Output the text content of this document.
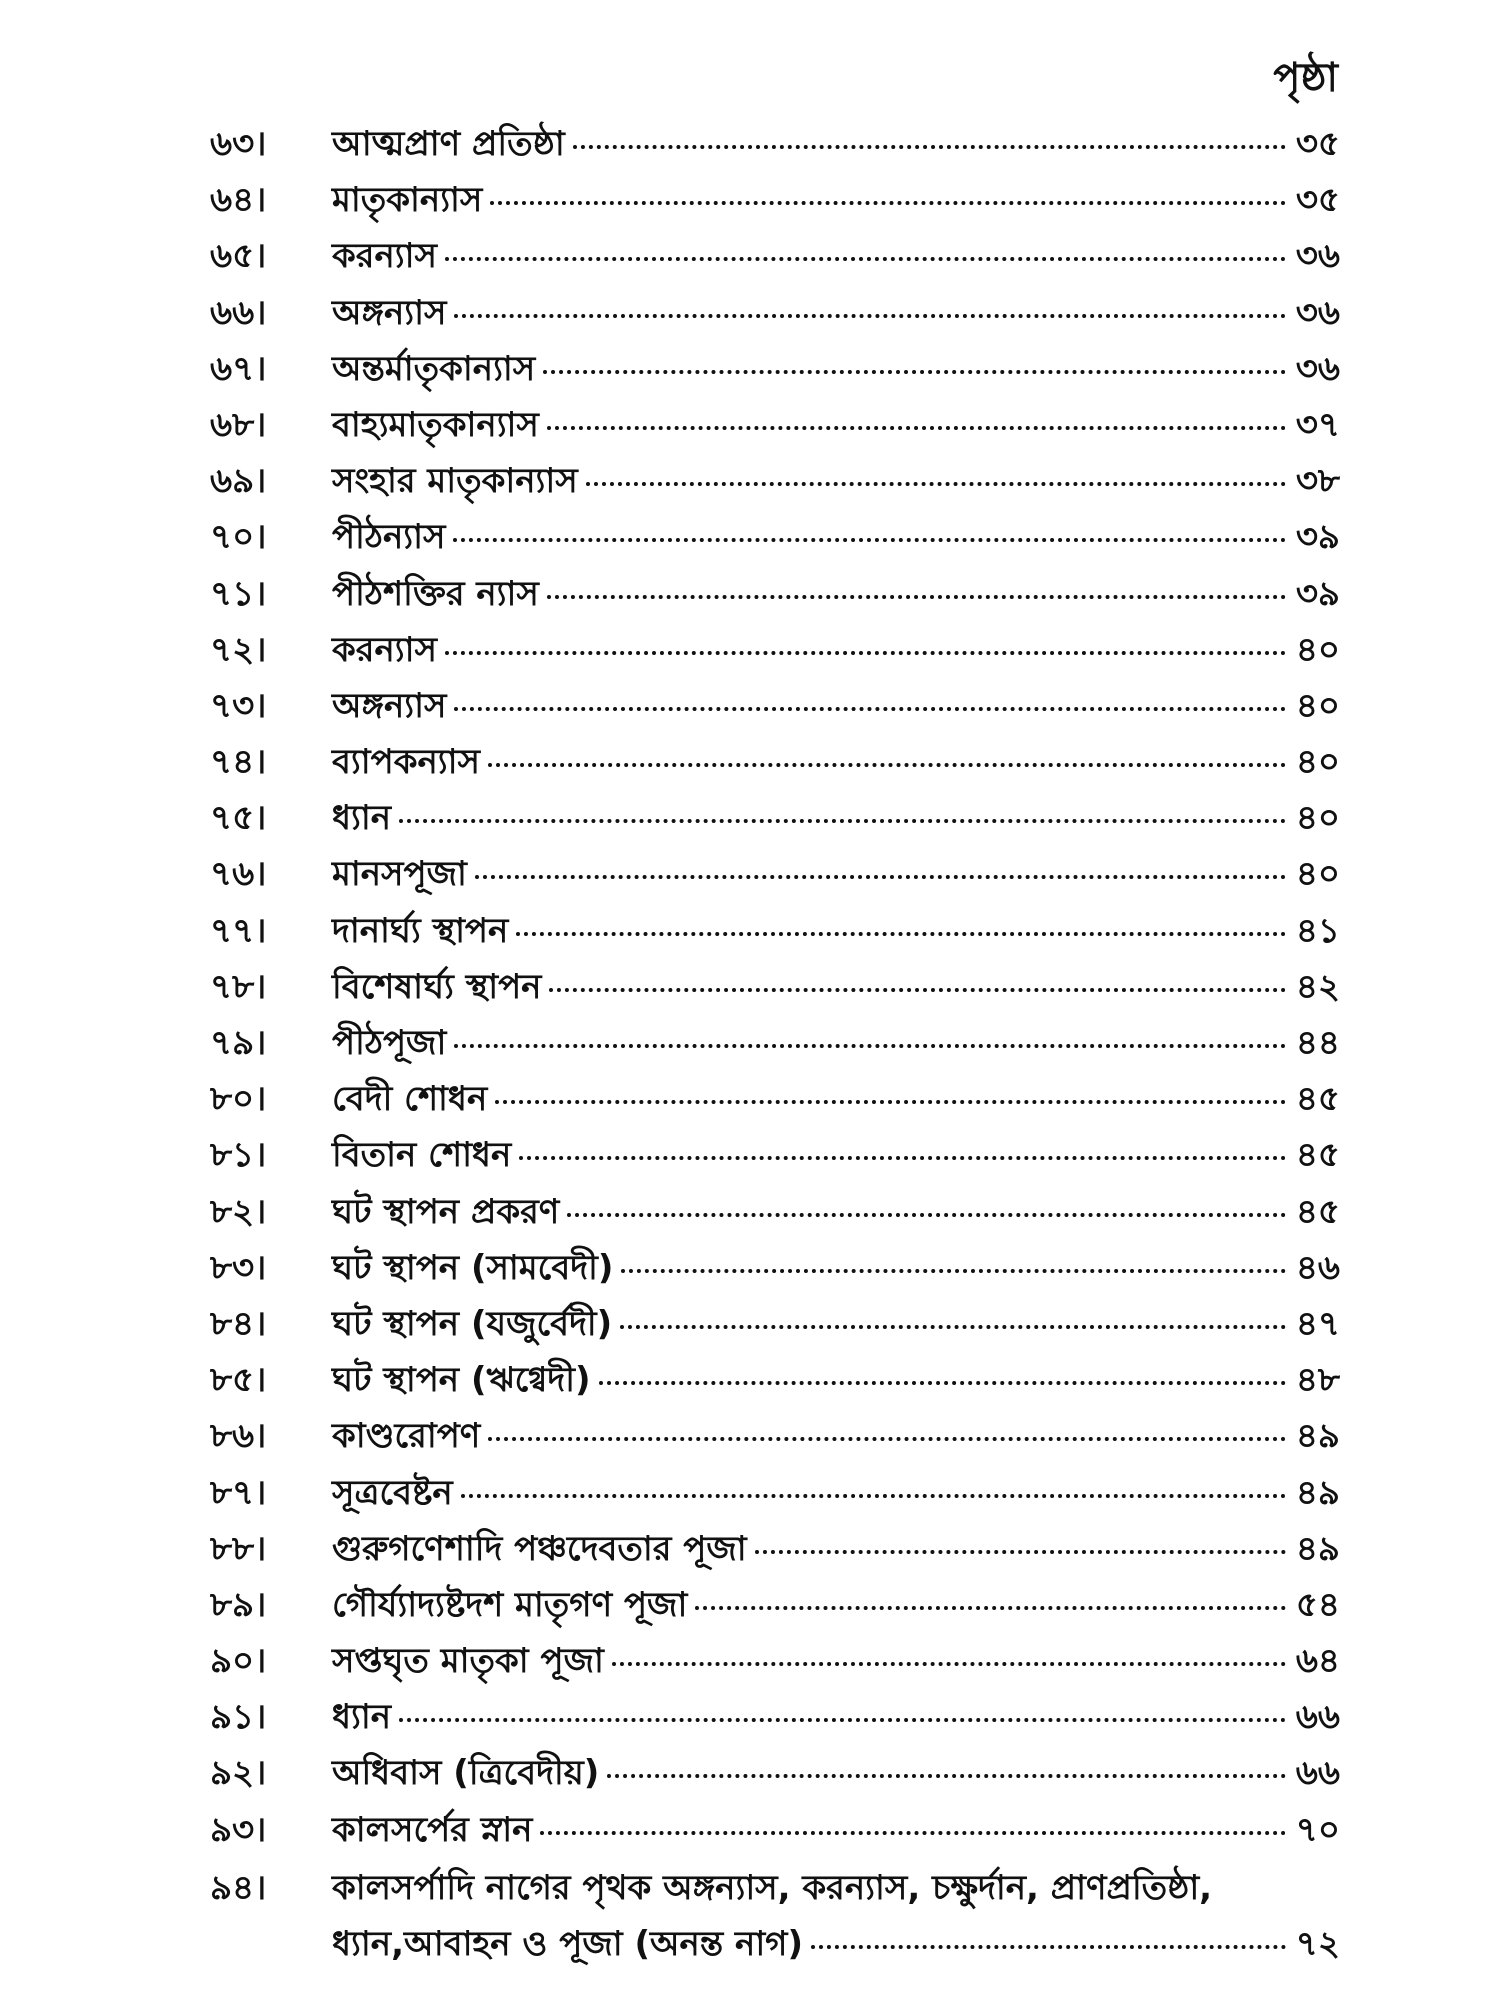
পৃষ্ঠা
৬৩।	আত্মপ্রাণ প্রতিষ্ঠা	৩৫
৬৪।	মাতৃকান্যাস	৩৫
৬৫।	করন্যাস	৩৬
৬৬।	অঙ্গন্যাস	৩৬
৬৭।	অন্তর্মাতৃকান্যাস	৩৬
৬৮।	বাহ্যমাতৃকান্যাস	৩৭
৬৯।	সংহার মাতৃকান্যাস	৩৮
৭০।	পীঠন্যাস	৩৯
৭১।	পীঠশক্তির ন্যাস	৩৯
৭২।	করন্যাস	৪০
৭৩।	অঙ্গন্যাস	৪০
৭৪।	ব্যাপকন্যাস	৪০
৭৫।	ধ্যান	৪০
৭৬।	মানসপূজা	৪০
৭৭।	দানার্ঘ্য স্থাপন	৪১
৭৮।	বিশেষার্ঘ্য স্থাপন	৪২
৭৯।	পীঠপূজা	৪৪
৮০।	বেদী শোধন	৪৫
৮১।	বিতান শোধন	৪৫
৮২।	ঘট স্থাপন প্রকরণ	৪৫
৮৩।	ঘট স্থাপন (সামবেদী)	৪৬
৮৪।	ঘট স্থাপন (যজুর্বেদী)	৪৭
৮৫।	ঘট স্থাপন (ঋগ্বেদী)	৪৮
৮৬।	কাণ্ডরোপণ	৪৯
৮৭।	সূত্রবেষ্টন	৪৯
৮৮।	গুরুগণেশাদি পঞ্চদেবতার পূজা	৪৯
৮৯।	গৌর্য্যাদ্যষ্টদশ মাতৃগণ পূজা	৫৪
৯০।	সপ্তঘৃত মাতৃকা পূজা	৬৪
৯১।	ধ্যান	৬৬
৯২।	অধিবাস (ত্রিবেদীয়)	৬৬
৯৩।	কালসর্পের স্নান	৭০
৯৪।	কালসর্পাদি নাগের পৃথক অঙ্গন্যাস, করন্যাস, চক্ষুর্দান, প্রাণপ্রতিষ্ঠা,
ধ্যান,আবাহন ও পূজা (অনন্ত নাগ)	৭২
